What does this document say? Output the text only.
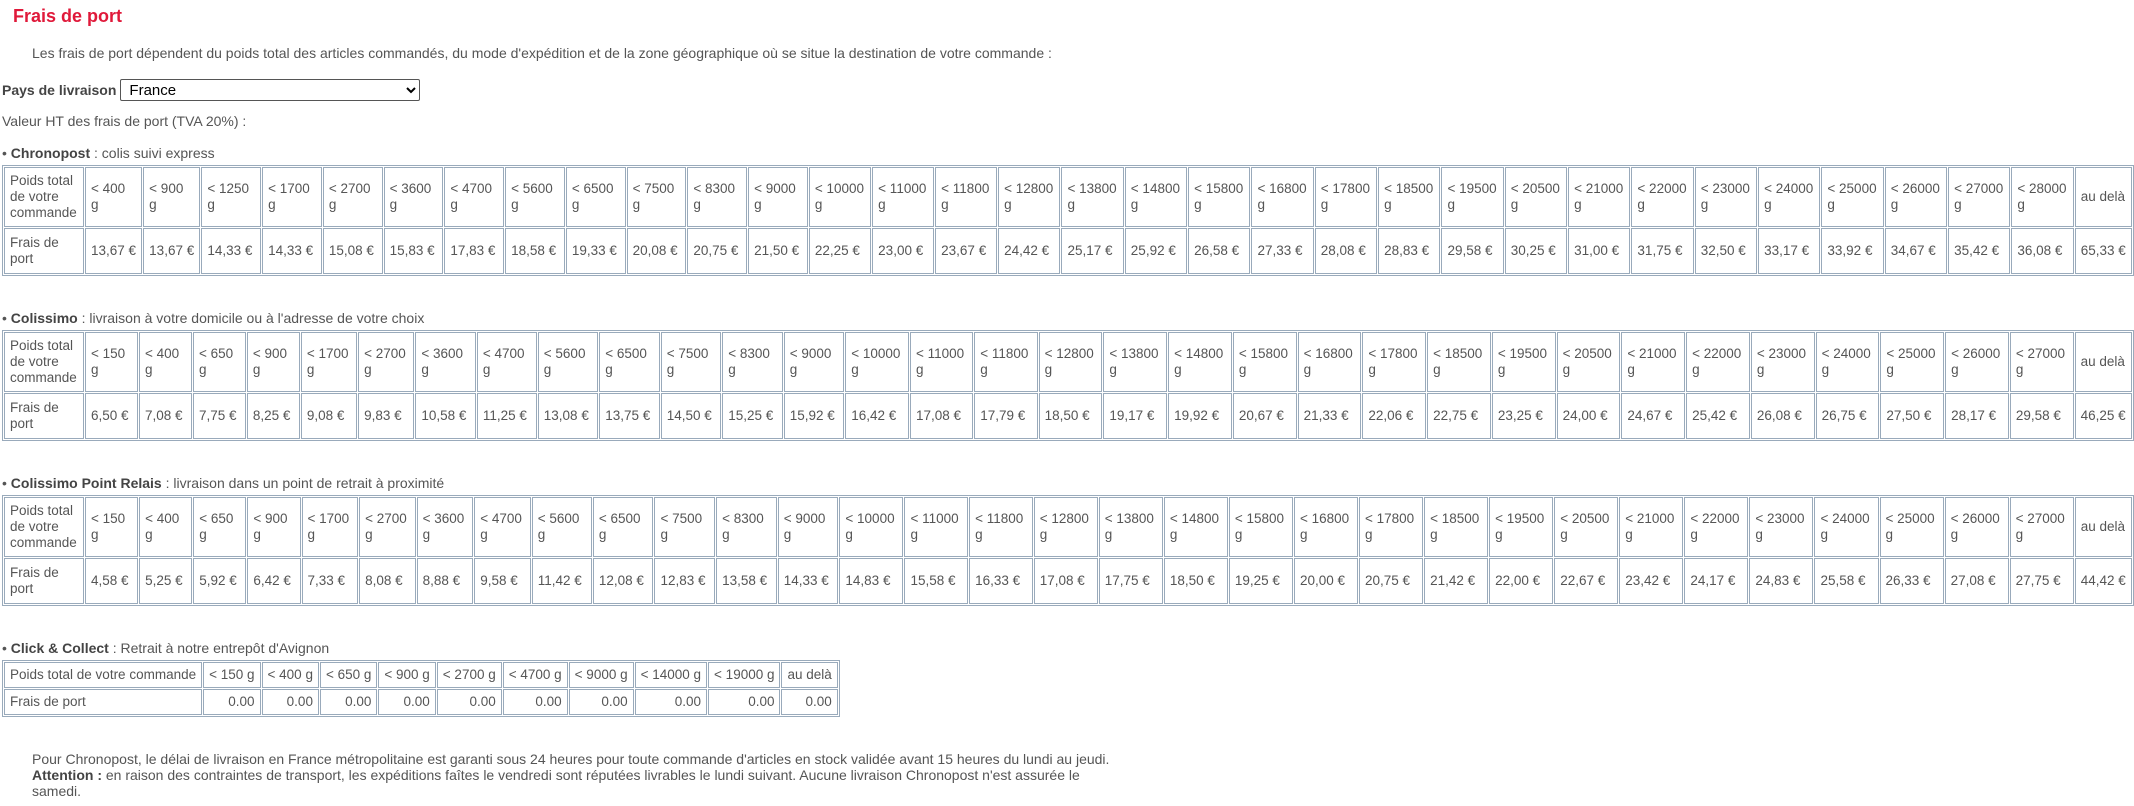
Frais de port
Les frais de port dépendent du poids total des articles commandés, du mode d'expédition et de la zone géographique où se situe la destination de votre commande :
Pays de livraison
France
Valeur HT des frais de port (TVA 20%) :
• Chronopost : colis suivi express
Poids total de votre commande	< 400 g	< 900 g	< 1250 g	< 1700 g	< 2700 g	< 3600 g	< 4700 g	< 5600 g	< 6500 g	< 7500 g	< 8300 g	< 9000 g	< 10000 g	< 11000 g	< 11800 g	< 12800 g	< 13800 g	< 14800 g	< 15800 g	< 16800 g	< 17800 g	< 18500 g	< 19500 g	< 20500 g	< 21000 g	< 22000 g	< 23000 g	< 24000 g	< 25000 g	< 26000 g	< 27000 g	< 28000 g	au delà
Frais de port	13,67 €	13,67 €	14,33 €	14,33 €	15,08 €	15,83 €	17,83 €	18,58 €	19,33 €	20,08 €	20,75 €	21,50 €	22,25 €	23,00 €	23,67 €	24,42 €	25,17 €	25,92 €	26,58 €	27,33 €	28,08 €	28,83 €	29,58 €	30,25 €	31,00 €	31,75 €	32,50 €	33,17 €	33,92 €	34,67 €	35,42 €	36,08 €	65,33 €
• Colissimo : livraison à votre domicile ou à l'adresse de votre choix
Poids total de votre commande	< 150 g	< 400 g	< 650 g	< 900 g	< 1700 g	< 2700 g	< 3600 g	< 4700 g	< 5600 g	< 6500 g	< 7500 g	< 8300 g	< 9000 g	< 10000 g	< 11000 g	< 11800 g	< 12800 g	< 13800 g	< 14800 g	< 15800 g	< 16800 g	< 17800 g	< 18500 g	< 19500 g	< 20500 g	< 21000 g	< 22000 g	< 23000 g	< 24000 g	< 25000 g	< 26000 g	< 27000 g	au delà
Frais de port	6,50 €	7,08 €	7,75 €	8,25 €	9,08 €	9,83 €	10,58 €	11,25 €	13,08 €	13,75 €	14,50 €	15,25 €	15,92 €	16,42 €	17,08 €	17,79 €	18,50 €	19,17 €	19,92 €	20,67 €	21,33 €	22,06 €	22,75 €	23,25 €	24,00 €	24,67 €	25,42 €	26,08 €	26,75 €	27,50 €	28,17 €	29,58 €	46,25 €
• Colissimo Point Relais : livraison dans un point de retrait à proximité
Poids total de votre commande	< 150 g	< 400 g	< 650 g	< 900 g	< 1700 g	< 2700 g	< 3600 g	< 4700 g	< 5600 g	< 6500 g	< 7500 g	< 8300 g	< 9000 g	< 10000 g	< 11000 g	< 11800 g	< 12800 g	< 13800 g	< 14800 g	< 15800 g	< 16800 g	< 17800 g	< 18500 g	< 19500 g	< 20500 g	< 21000 g	< 22000 g	< 23000 g	< 24000 g	< 25000 g	< 26000 g	< 27000 g	au delà
Frais de port	4,58 €	5,25 €	5,92 €	6,42 €	7,33 €	8,08 €	8,88 €	9,58 €	11,42 €	12,08 €	12,83 €	13,58 €	14,33 €	14,83 €	15,58 €	16,33 €	17,08 €	17,75 €	18,50 €	19,25 €	20,00 €	20,75 €	21,42 €	22,00 €	22,67 €	23,42 €	24,17 €	24,83 €	25,58 €	26,33 €	27,08 €	27,75 €	44,42 €
• Click & Collect : Retrait à notre entrepôt d'Avignon
Poids total de votre commande	< 150 g	< 400 g	< 650 g	< 900 g	< 2700 g	< 4700 g	< 9000 g	< 14000 g	< 19000 g	au delà
Frais de port	0.00	0.00	0.00	0.00	0.00	0.00	0.00	0.00	0.00	0.00
Pour Chronopost, le délai de livraison en France métropolitaine est garanti sous 24 heures pour toute commande d'articles en stock validée avant 15 heures du lundi au jeudi.
Attention : en raison des contraintes de transport, les expéditions faîtes le vendredi sont réputées livrables le lundi suivant. Aucune livraison Chronopost n'est assurée le samedi.
